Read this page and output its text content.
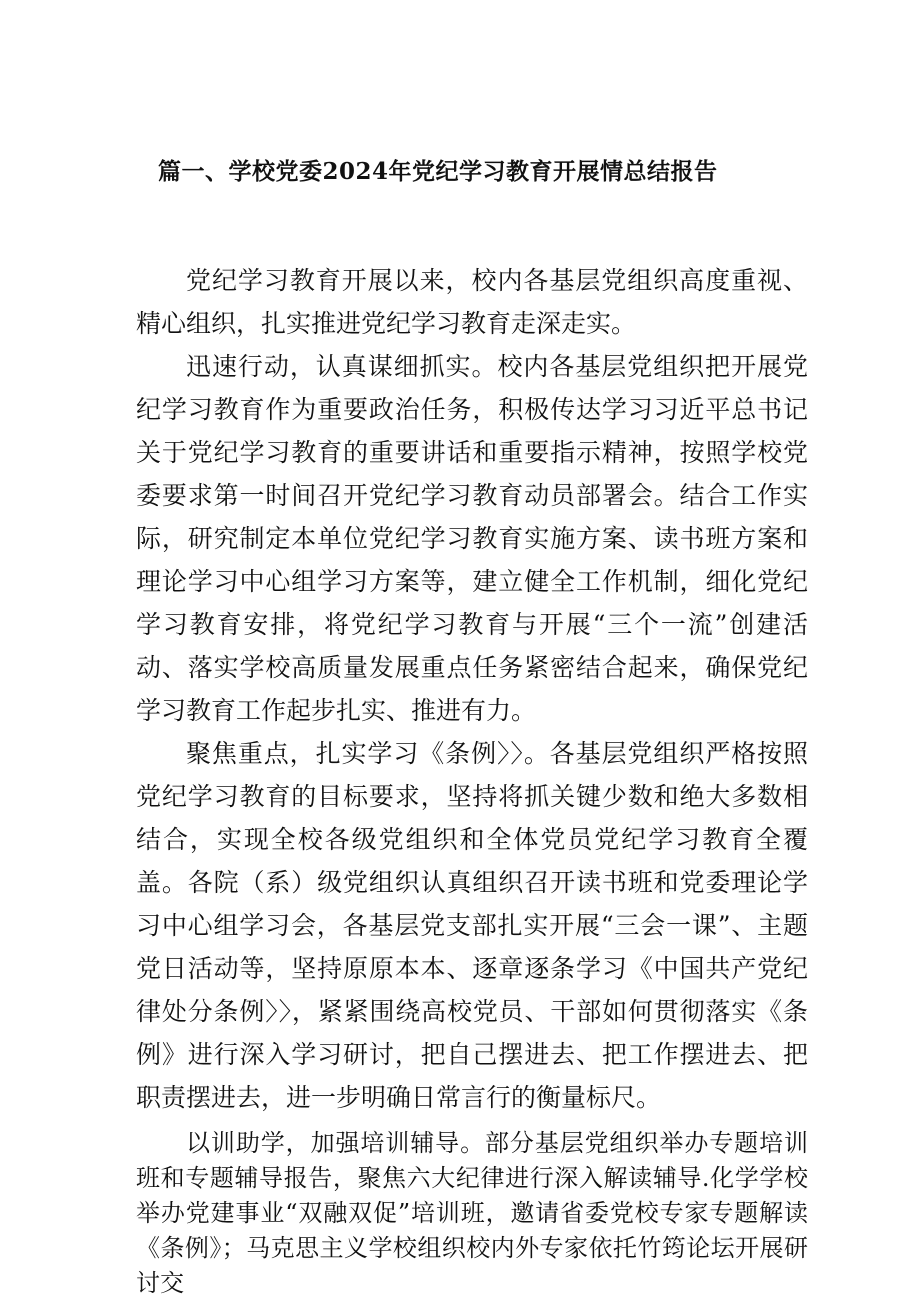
篇一、学校党委2024年党纪学习教育开展情总结报告

党纪学习教育开展以来，校内各基层党组织高度重视、精心组织，扎实推进党纪学习教育走深走实。

迅速行动，认真谋细抓实。校内各基层党组织把开展党纪学习教育作为重要政治任务，积极传达学习习近平总书记关于党纪学习教育的重要讲话和重要指示精神，按照学校党委要求第一时间召开党纪学习教育动员部署会。结合工作实际，研究制定本单位党纪学习教育实施方案、读书班方案和理论学习中心组学习方案等，建立健全工作机制，细化党纪学习教育安排，将党纪学习教育与开展“三个一流”创建活动、落实学校高质量发展重点任务紧密结合起来，确保党纪学习教育工作起步扎实、推进有力。

聚焦重点，扎实学习《条例〉〉。各基层党组织严格按照党纪学习教育的目标要求，坚持将抓关键少数和绝大多数相结合，实现全校各级党组织和全体党员党纪学习教育全覆盖。各院（系）级党组织认真组织召开读书班和党委理论学习中心组学习会，各基层党支部扎实开展“三会一课”、主题党日活动等，坚持原原本本、逐章逐条学习《中国共产党纪律处分条例〉〉，紧紧围绕高校党员、干部如何贯彻落实《条例》进行深入学习研讨，把自己摆进去、把工作摆进去、把职责摆进去，进一步明确日常言行的衡量标尺。

以训助学，加强培训辅导。部分基层党组织举办专题培训班和专题辅导报告，聚焦六大纪律进行深入解读辅导.化学学校举办党建事业“双融双促”培训班，邀请省委党校专家专题解读《条例》；马克思主义学校组织校内外专家依托竹筠论坛开展研讨交
